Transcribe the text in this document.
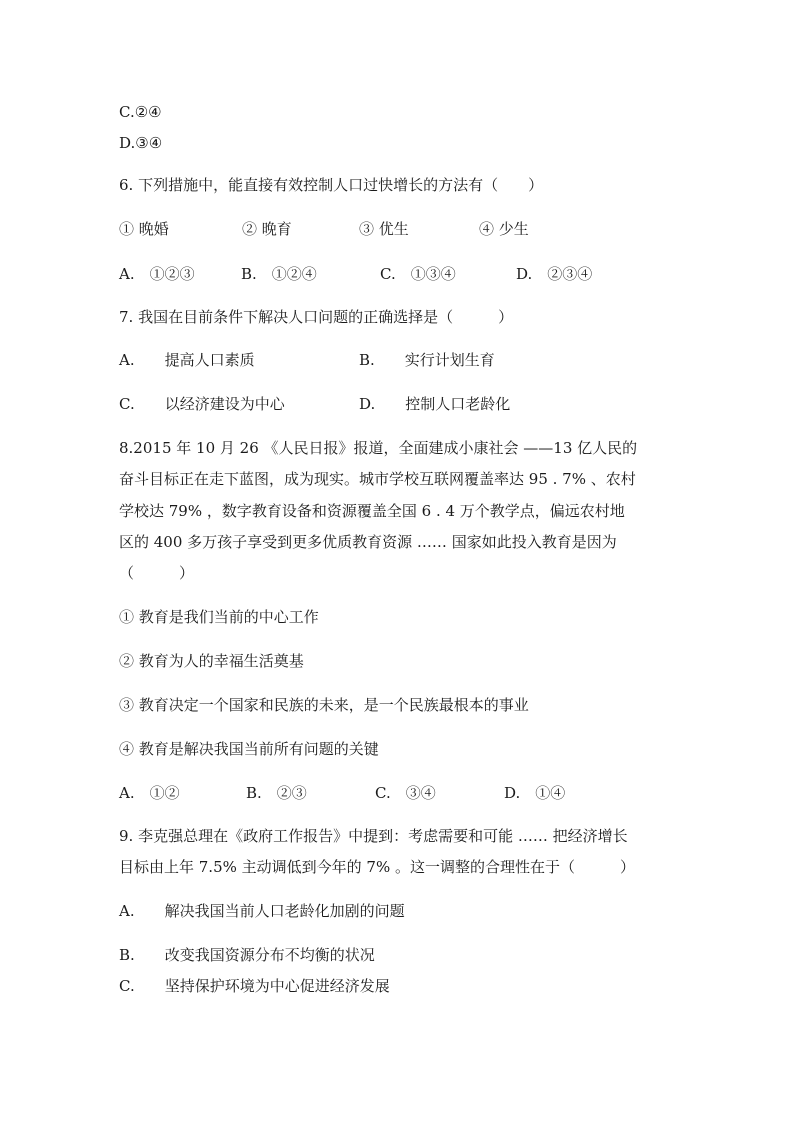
C.②④
D.③④
6. 下列措施中，能直接有效控制人口过快增长的方法有（　　）
① 晚婚	② 晚育	③ 优生	④ 少生
A.　①②③	B.　①②④	C.　①③④	D.　②③④
7. 我国在目前条件下解决人口问题的正确选择是（　　　）
A.　　提高人口素质	B.　　实行计划生育
C.　　以经济建设为中心	D.　　控制人口老龄化
8.2015 年 10 月 26 《人民日报》报道，全面建成小康社会 ——13 亿人民的
奋斗目标正在走下蓝图，成为现实。城市学校互联网覆盖率达 95 . 7% 、农村
学校达 79% ，数字教育设备和资源覆盖全国 6 . 4 万个教学点，偏远农村地
区的 400 多万孩子享受到更多优质教育资源 …… 国家如此投入教育是因为
（　　　）
① 教育是我们当前的中心工作
② 教育为人的幸福生活奠基
③ 教育决定一个国家和民族的未来，是一个民族最根本的事业
④ 教育是解决我国当前所有问题的关键
A.　①②	B.　②③	C.　③④	D.　①④
9. 李克强总理在《政府工作报告》中提到：考虑需要和可能 …… 把经济增长
目标由上年 7.5% 主动调低到今年的 7% 。这一调整的合理性在于（　　　）
A.　　解决我国当前人口老龄化加剧的问题
B.　　改变我国资源分布不均衡的状况
C.　　坚持保护环境为中心促进经济发展
